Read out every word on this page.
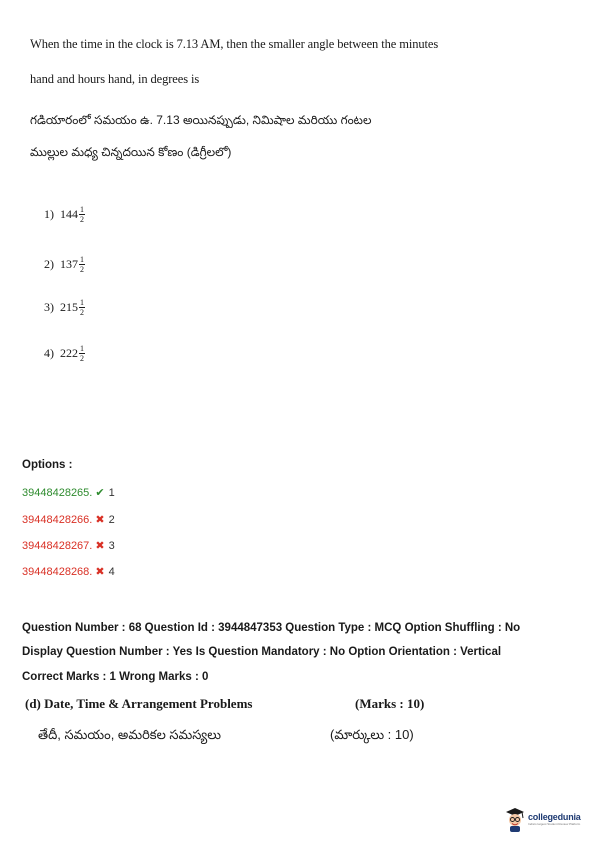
When the time in the clock is 7.13 AM, then the smaller angle between the minutes
hand and hours hand, in degrees is
గడియారంలో సమయం ఉ. 7.13 అయినప్పుడు, నిమిషాల మరియు గంటల
ముల్లుల మధ్య చిన్నదయిన కోణం (డిగ్రీలలో)
1) $144 \frac{1}{2}$
2) $137 \frac{1}{2}$
3) $215 \frac{1}{2}$
4) $222 \frac{1}{2}$
Options :
39448428265. ✔ 1
39448428266. ✖ 2
39448428267. ✖ 3
39448428268. ✖ 4
Question Number : 68 Question Id : 3944847353 Question Type : MCQ Option Shuffling : No
Display Question Number : Yes Is Question Mandatory : No Option Orientation : Vertical
Correct Marks : 1 Wrong Marks : 0
(d) Date, Time & Arrangement Problems	(Marks : 10)
తేదీ, సమయం, అమరికల సమస్యలు	(మార్కులు : 10)
collegedunia
India's largest Student Review Platform
